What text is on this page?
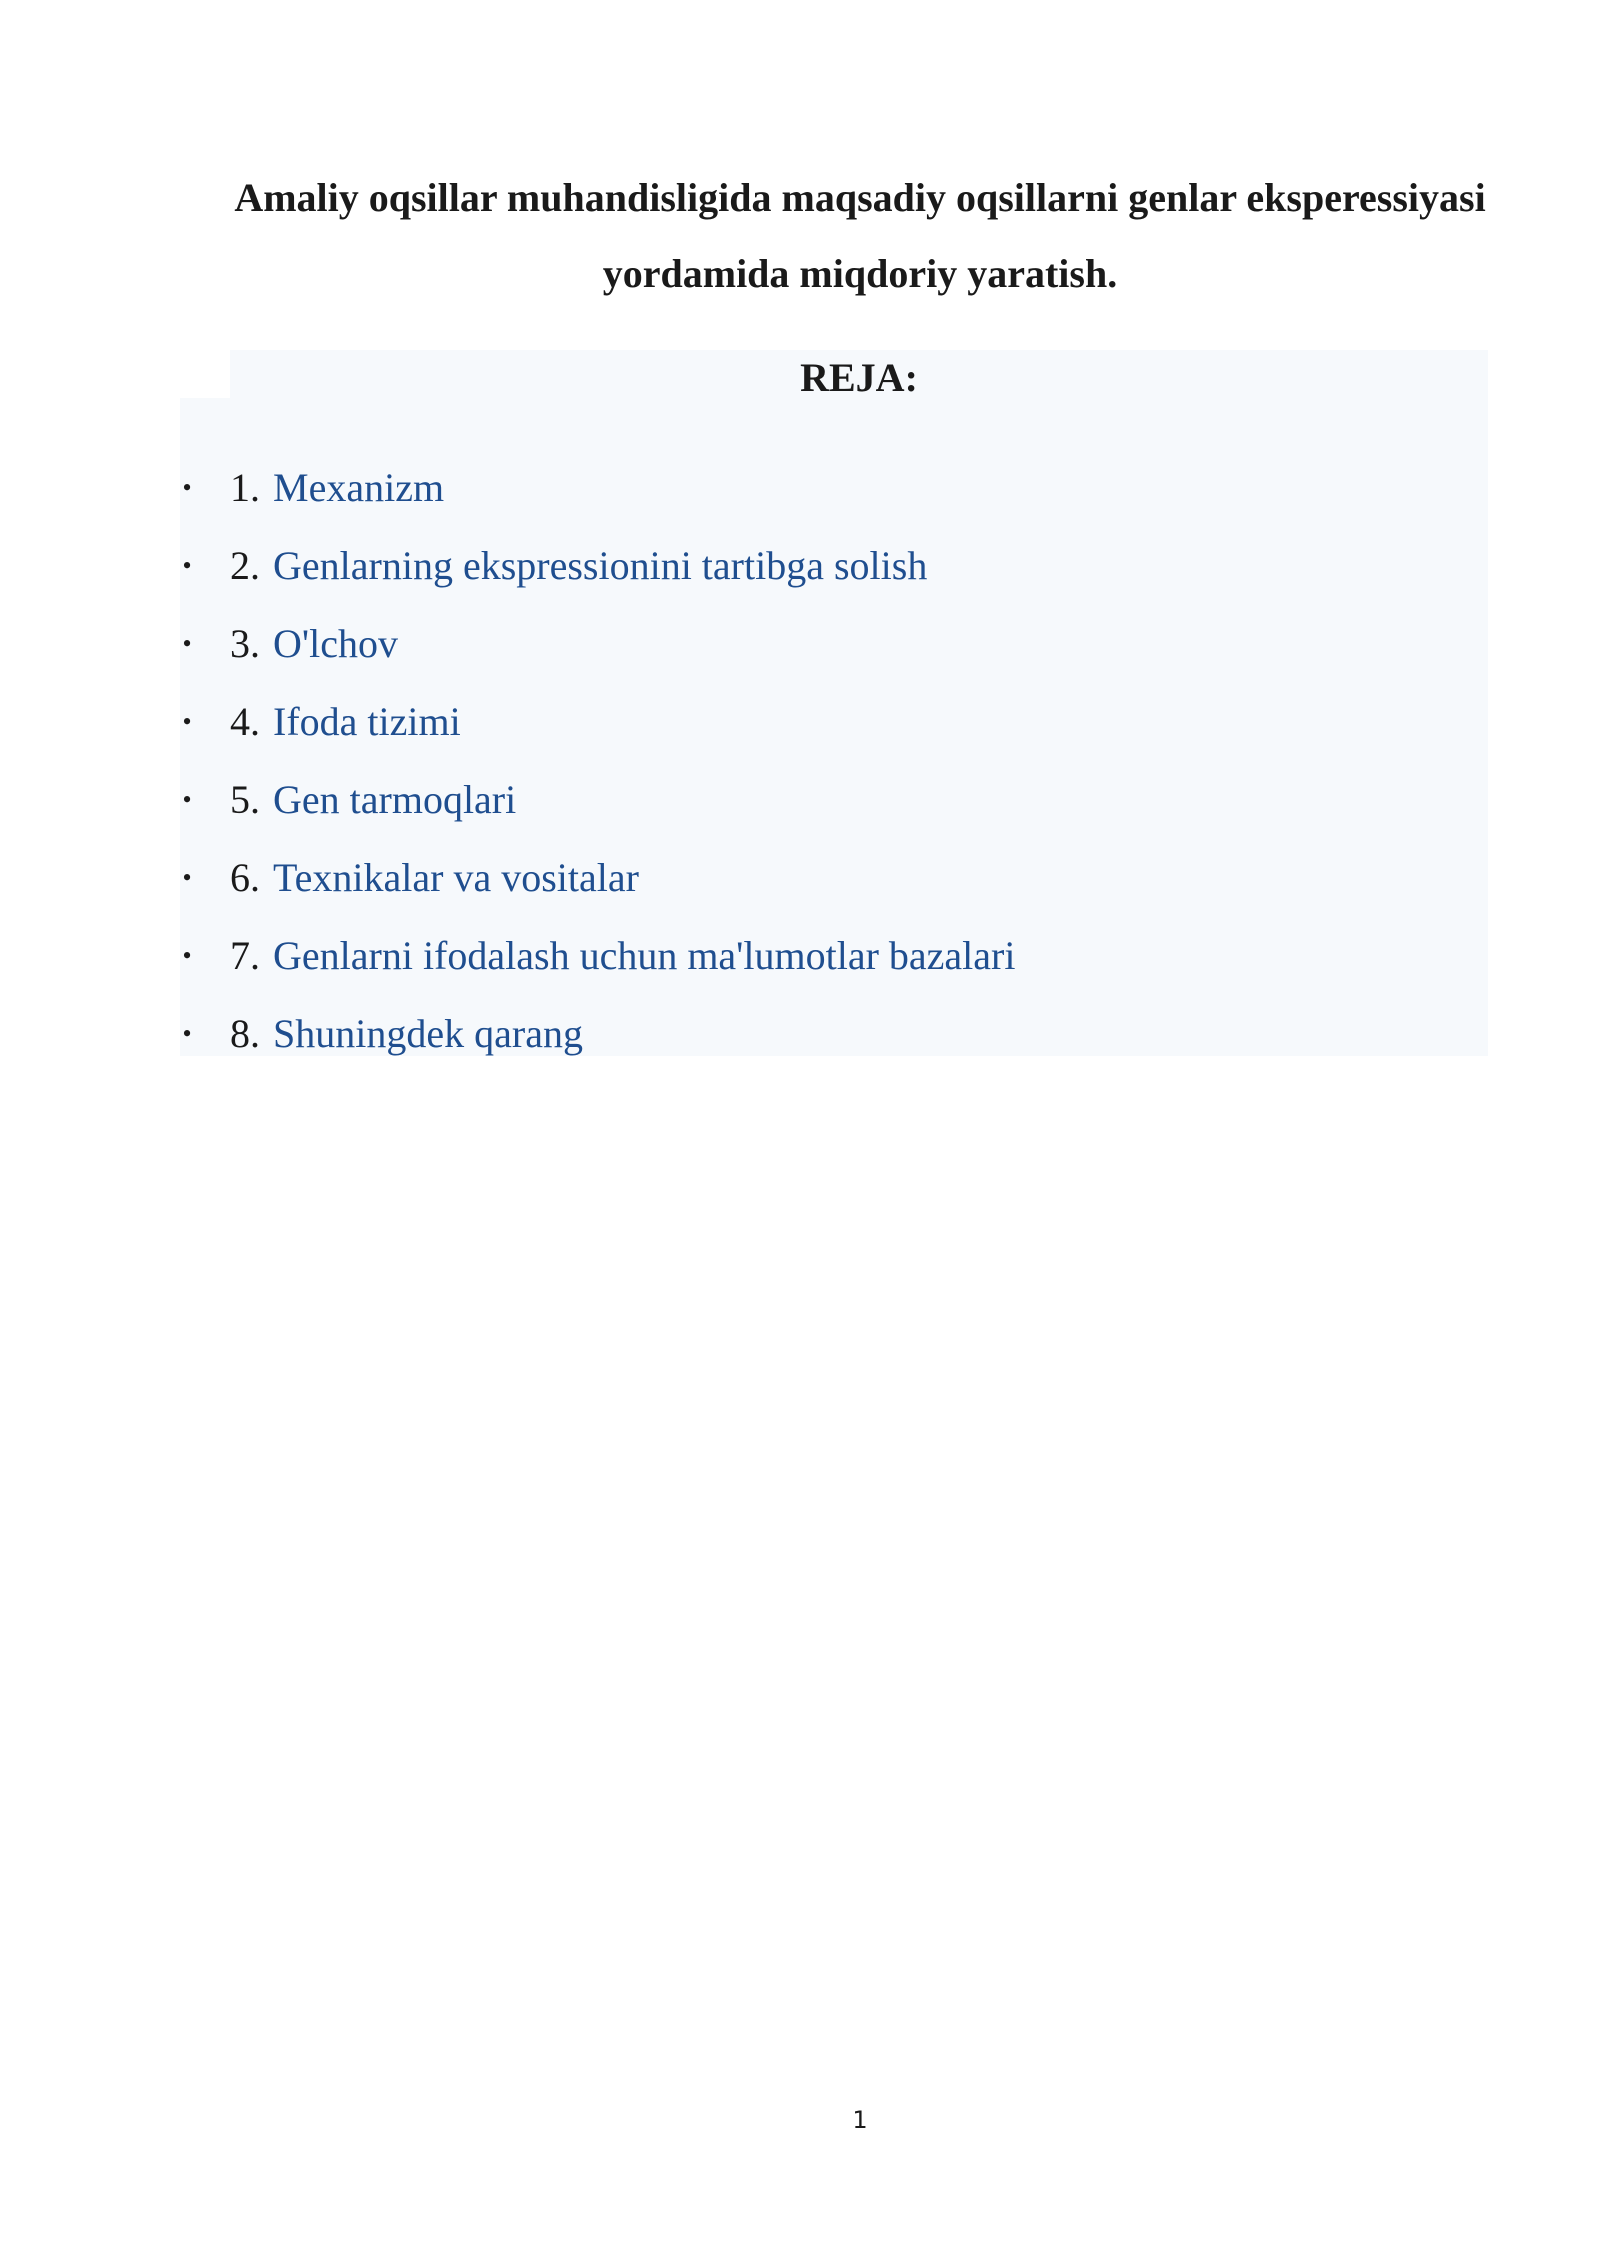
Amaliy oqsillar muhandisligida maqsadiy oqsillarni genlar eksperessiyasi yordamida miqdoriy yaratish.
REJA:
• 1. Mexanizm
• 2. Genlarning ekspressionini tartibga solish
• 3. O'lchov
• 4. Ifoda tizimi
• 5. Gen tarmoqlari
• 6. Texnikalar va vositalar
• 7. Genlarni ifodalash uchun ma'lumotlar bazalari
• 8. Shuningdek qarang
1
